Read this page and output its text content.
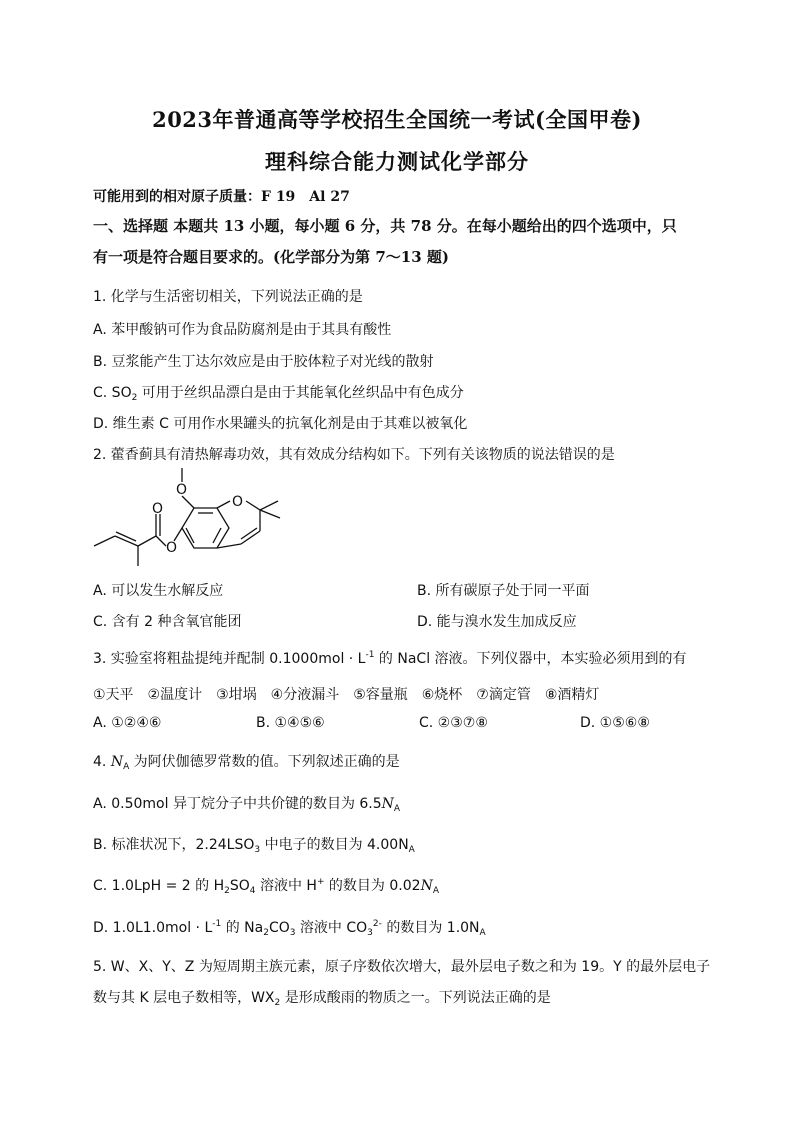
2023年普通高等学校招生全国统一考试(全国甲卷)
理科综合能力测试化学部分
可能用到的相对原子质量：F 19　Al 27
一、选择题 本题共 13 小题，每小题 6 分，共 78 分。在每小题给出的四个选项中，只
有一项是符合题目要求的。(化学部分为第 7～13 题)
1. 化学与生活密切相关，下列说法正确的是
A. 苯甲酸钠可作为食品防腐剂是由于其具有酸性
B. 豆浆能产生丁达尔效应是由于胶体粒子对光线的散射
C. $SO_2$ 可用于丝织品漂白是由于其能氧化丝织品中有色成分
D. 维生素 C 可用作水果罐头的抗氧化剂是由于其难以被氧化
2. 藿香蓟具有清热解毒功效，其有效成分结构如下。下列有关该物质的说法错误的是
O
O
O
O
A. 可以发生水解反应	B. 所有碳原子处于同一平面
C. 含有 2 种含氧官能团	D. 能与溴水发生加成反应
3. 实验室将粗盐提纯并配制 $0.1000mol \cdot L^{-1}$ 的 NaCl 溶液。下列仪器中，本实验必须用到的有
①天平　②温度计　③坩埚　④分液漏斗　⑤容量瓶　⑥烧杯　⑦滴定管　⑧酒精灯
A. ①②④⑥	B. ①④⑤⑥	C. ②③⑦⑧	D. ①⑤⑥⑧
4. $N_A$ 为阿伏伽德罗常数的值。下列叙述正确的是
A. 0.50mol 异丁烷分子中共价键的数目为 $6.5N_A$
B. 标准状况下，$2.24LSO_3$ 中电子的数目为 $4.00N_A$
C. 1.0LpH = 2 的 $H_2SO_4$ 溶液中 H+ 的数目为 $0.02N_A$
D. $1.0L1.0mol \cdot L^{-1}$ 的 $Na_2CO_3$ 溶液中 $CO_3^{2-}$ 的数目为 $1.0N_A$
5. W、X、Y、Z 为短周期主族元素，原子序数依次增大，最外层电子数之和为 19。Y 的最外层电子
数与其 K 层电子数相等，$WX_2$ 是形成酸雨的物质之一。下列说法正确的是
